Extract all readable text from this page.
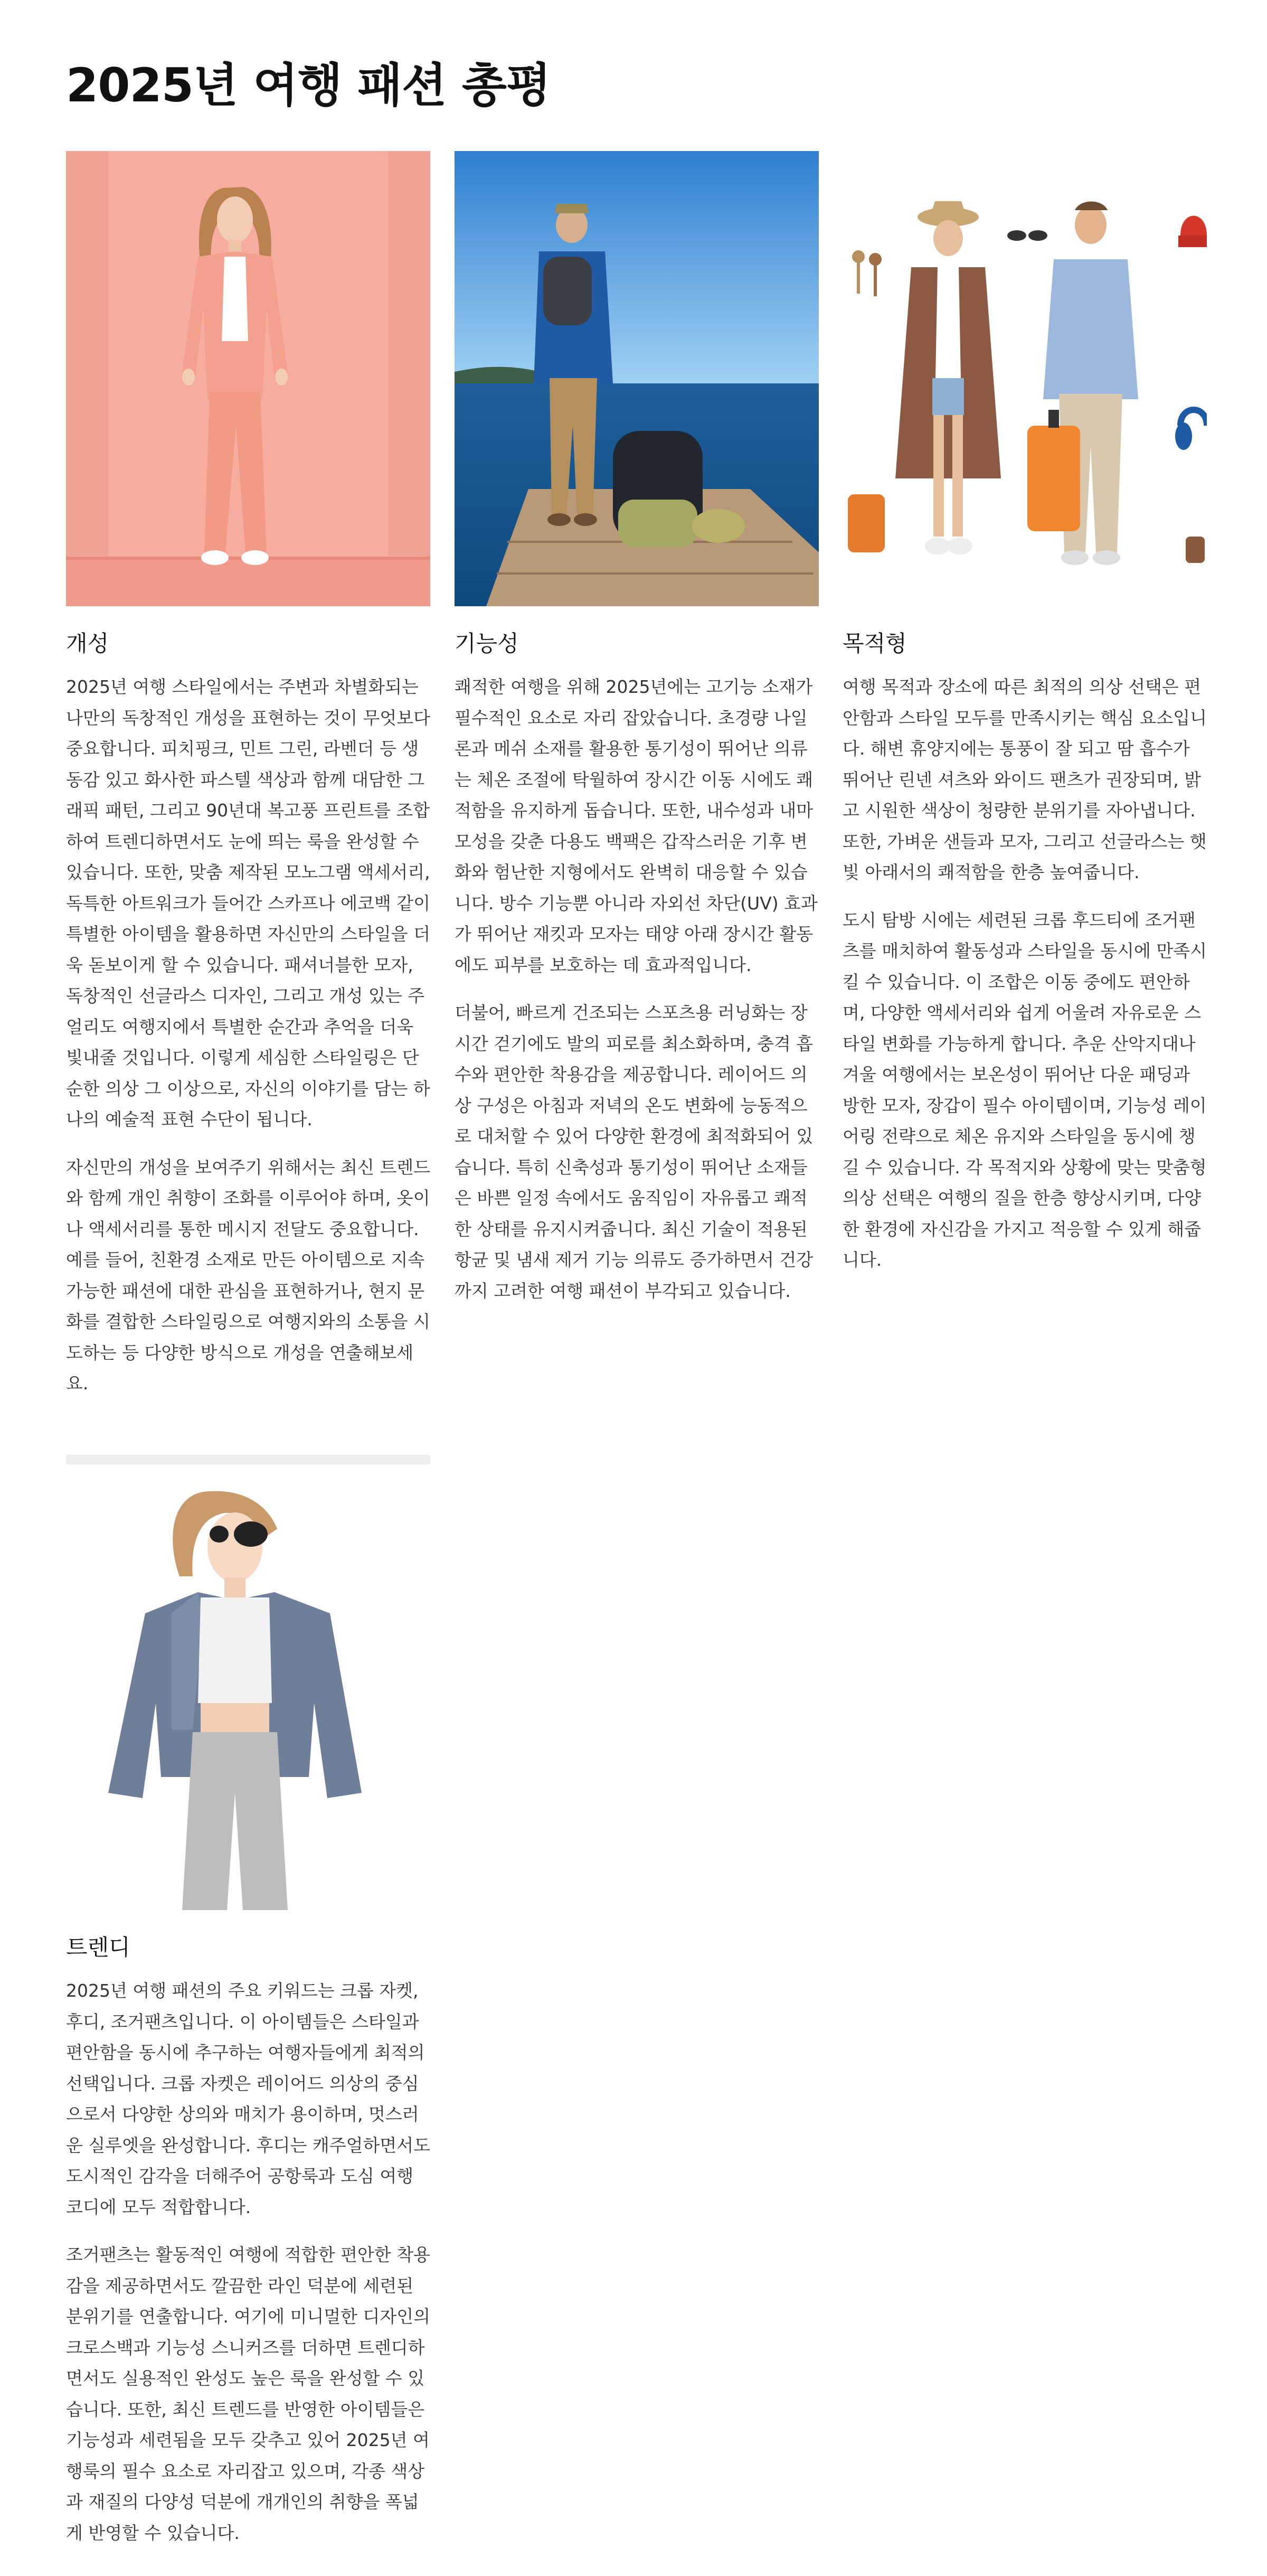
2025년 여행 패션 총평
개성

2025년 여행 스타일에서는 주변과 차별화되는 나만의 독창적인 개성을 표현하는 것이 무엇보다 중요합니다. 피치핑크, 민트 그린, 라벤더 등 생동감 있고 화사한 파스텔 색상과 함께 대담한 그래픽 패턴, 그리고 90년대 복고풍 프린트를 조합하여 트렌디하면서도 눈에 띄는 룩을 완성할 수 있습니다. 또한, 맞춤 제작된 모노그램 액세서리, 독특한 아트워크가 들어간 스카프나 에코백 같이 특별한 아이템을 활용하면 자신만의 스타일을 더욱 돋보이게 할 수 있습니다. 패셔너블한 모자, 독창적인 선글라스 디자인, 그리고 개성 있는 주얼리도 여행지에서 특별한 순간과 추억을 더욱 빛내줄 것입니다. 이렇게 세심한 스타일링은 단순한 의상 그 이상으로, 자신의 이야기를 담는 하나의 예술적 표현 수단이 됩니다.

자신만의 개성을 보여주기 위해서는 최신 트렌드와 함께 개인 취향이 조화를 이루어야 하며, 옷이나 액세서리를 통한 메시지 전달도 중요합니다. 예를 들어, 친환경 소재로 만든 아이템으로 지속 가능한 패션에 대한 관심을 표현하거나, 현지 문화를 결합한 스타일링으로 여행지와의 소통을 시도하는 등 다양한 방식으로 개성을 연출해보세요.

기능성

쾌적한 여행을 위해 2025년에는 고기능 소재가 필수적인 요소로 자리 잡았습니다. 초경량 나일론과 메쉬 소재를 활용한 통기성이 뛰어난 의류는 체온 조절에 탁월하여 장시간 이동 시에도 쾌적함을 유지하게 돕습니다. 또한, 내수성과 내마모성을 갖춘 다용도 백팩은 갑작스러운 기후 변화와 험난한 지형에서도 완벽히 대응할 수 있습니다. 방수 기능뿐 아니라 자외선 차단(UV) 효과가 뛰어난 재킷과 모자는 태양 아래 장시간 활동에도 피부를 보호하는 데 효과적입니다.

더불어, 빠르게 건조되는 스포츠용 러닝화는 장시간 걷기에도 발의 피로를 최소화하며, 충격 흡수와 편안한 착용감을 제공합니다. 레이어드 의상 구성은 아침과 저녁의 온도 변화에 능동적으로 대처할 수 있어 다양한 환경에 최적화되어 있습니다. 특히 신축성과 통기성이 뛰어난 소재들은 바쁜 일정 속에서도 움직임이 자유롭고 쾌적한 상태를 유지시켜줍니다. 최신 기술이 적용된 항균 및 냄새 제거 기능 의류도 증가하면서 건강까지 고려한 여행 패션이 부각되고 있습니다.

목적형

여행 목적과 장소에 따른 최적의 의상 선택은 편안함과 스타일 모두를 만족시키는 핵심 요소입니다. 해변 휴양지에는 통풍이 잘 되고 땀 흡수가 뛰어난 린넨 셔츠와 와이드 팬츠가 권장되며, 밝고 시원한 색상이 청량한 분위기를 자아냅니다. 또한, 가벼운 샌들과 모자, 그리고 선글라스는 햇빛 아래서의 쾌적함을 한층 높여줍니다.

도시 탐방 시에는 세련된 크롭 후드티에 조거팬츠를 매치하여 활동성과 스타일을 동시에 만족시킬 수 있습니다. 이 조합은 이동 중에도 편안하며, 다양한 액세서리와 쉽게 어울려 자유로운 스타일 변화를 가능하게 합니다. 추운 산악지대나 겨울 여행에서는 보온성이 뛰어난 다운 패딩과 방한 모자, 장갑이 필수 아이템이며, 기능성 레이어링 전략으로 체온 유지와 스타일을 동시에 챙길 수 있습니다. 각 목적지와 상황에 맞는 맞춤형 의상 선택은 여행의 질을 한층 향상시키며, 다양한 환경에 자신감을 가지고 적응할 수 있게 해줍니다.

트렌디

2025년 여행 패션의 주요 키워드는 크롭 자켓, 후디, 조거팬츠입니다. 이 아이템들은 스타일과 편안함을 동시에 추구하는 여행자들에게 최적의 선택입니다. 크롭 자켓은 레이어드 의상의 중심으로서 다양한 상의와 매치가 용이하며, 멋스러운 실루엣을 완성합니다. 후디는 캐주얼하면서도 도시적인 감각을 더해주어 공항룩과 도심 여행 코디에 모두 적합합니다.

조거팬츠는 활동적인 여행에 적합한 편안한 착용감을 제공하면서도 깔끔한 라인 덕분에 세련된 분위기를 연출합니다. 여기에 미니멀한 디자인의 크로스백과 기능성 스니커즈를 더하면 트렌디하면서도 실용적인 완성도 높은 룩을 완성할 수 있습니다. 또한, 최신 트렌드를 반영한 아이템들은 기능성과 세련됨을 모두 갖추고 있어 2025년 여행룩의 필수 요소로 자리잡고 있으며, 각종 색상과 재질의 다양성 덕분에 개개인의 취향을 폭넓게 반영할 수 있습니다.
